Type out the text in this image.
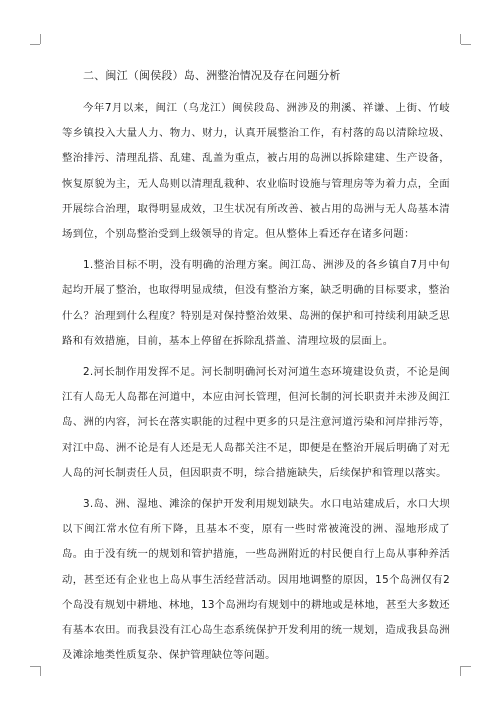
二、闽江（闽侯段）岛、洲整治情况及存在问题分析

今年7月以来，闽江（乌龙江）闽侯段岛、洲涉及的荆溪、祥谦、上街、竹岐等乡镇投入大量人力、物力、财力，认真开展整治工作，有村落的岛以清除垃圾、整治排污、清理乱搭、乱建、乱盖为重点，被占用的岛洲以拆除建建、生产设备，恢复原貌为主，无人岛则以清理乱栽种、农业临时设施与管理房等为着力点，全面开展综合治理，取得明显成效，卫生状况有所改善、被占用的岛洲与无人岛基本清场到位，个别岛整治受到上级领导的肯定。但从整体上看还存在诸多问题：

1.整治目标不明，没有明确的治理方案。闽江岛、洲涉及的各乡镇自7月中旬起均开展了整治，也取得明显成绩，但没有整治方案，缺乏明确的目标要求，整治什么？治理到什么程度？特别是对保持整治效果、岛洲的保护和可持续利用缺乏思路和有效措施，目前，基本上停留在拆除乱搭盖、清理垃圾的层面上。

2.河长制作用发挥不足。河长制明确河长对河道生态环境建设负责，不论是闽江有人岛无人岛都在河道中，本应由河长管理，但河长制的河长职责并未涉及闽江岛、洲的内容，河长在落实职能的过程中更多的只是注意河道污染和河岸排污等，对江中岛、洲不论是有人还是无人岛都关注不足，即便是在整治开展后明确了对无人岛的河长制责任人员，但因职责不明，综合措施缺失，后续保护和管理以落实。

3.岛、洲、湿地、滩涂的保护开发利用规划缺失。水口电站建成后，水口大坝以下闽江常水位有所下降，且基本不变，原有一些时常被淹没的洲、湿地形成了岛。由于没有统一的规划和管护措施，一些岛洲附近的村民便自行上岛从事种养活动，甚至还有企业也上岛从事生活经营活动。因用地调整的原因，15个岛洲仅有2个岛没有规划中耕地、林地，13个岛洲均有规划中的耕地或是林地，甚至大多数还有基本农田。而我县没有江心岛生态系统保护开发利用的统一规划，造成我县岛洲及滩涂地类性质复杂、保护管理缺位等问题。
